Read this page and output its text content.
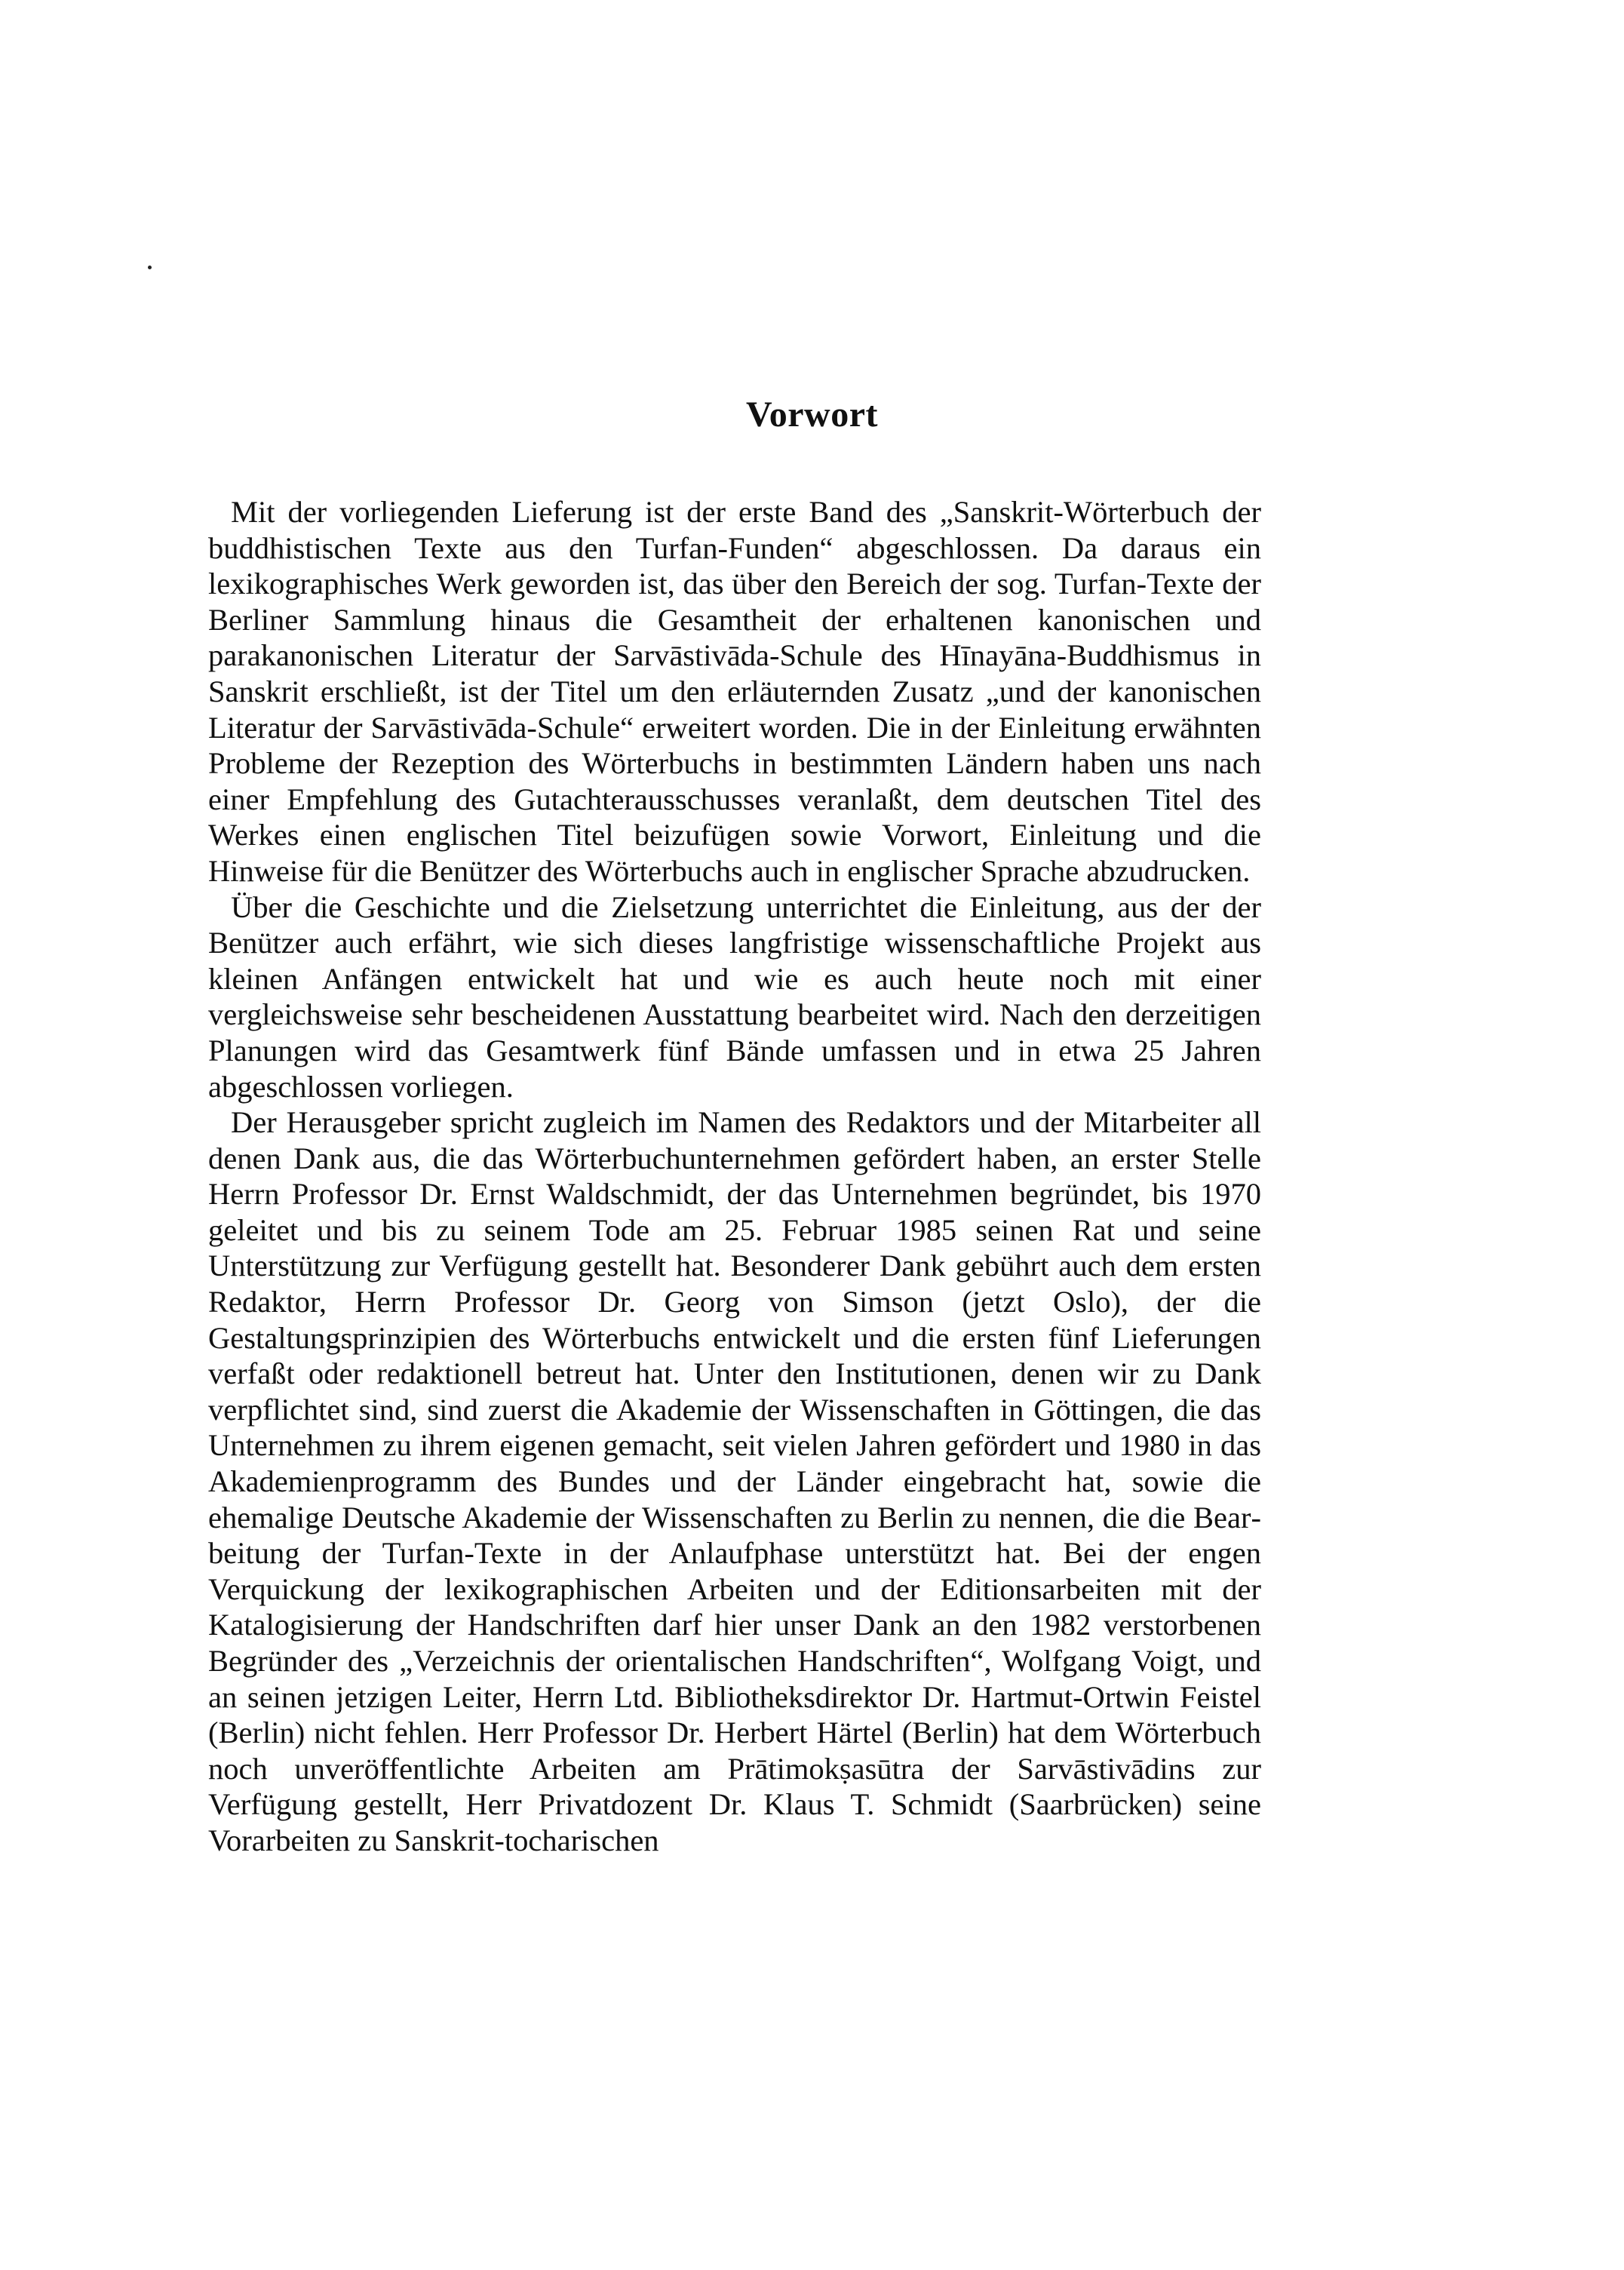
Vorwort

Mit der vorliegenden Lieferung ist der erste Band des „Sanskrit-Wörterbuch der buddhistischen Texte aus den Turfan-Funden“ abgeschlossen. Da daraus ein lexikographisches Werk geworden ist, das über den Bereich der sog. Turfan-Texte der Berliner Sammlung hinaus die Gesamtheit der erhaltenen kanonischen und parakanonischen Literatur der Sarvāstivāda-Schule des Hīnayāna-Buddhismus in Sanskrit erschließt, ist der Titel um den erläuternden Zusatz „und der kanonischen Literatur der Sarvāstivāda-Schule“ erweitert worden. Die in der Einleitung erwähnten Probleme der Rezeption des Wörterbuchs in bestimmten Ländern haben uns nach einer Empfehlung des Gutachterausschusses veranlaßt, dem deutschen Titel des Werkes einen englischen Titel beizufügen sowie Vorwort, Einleitung und die Hinweise für die Benützer des Wörterbuchs auch in englischer Sprache abzudrucken.

Über die Geschichte und die Zielsetzung unterrichtet die Einleitung, aus der der Benützer auch erfährt, wie sich dieses langfristige wissenschaftliche Projekt aus kleinen Anfängen entwickelt hat und wie es auch heute noch mit einer vergleichsweise sehr bescheidenen Ausstattung bearbeitet wird. Nach den derzeitigen Planungen wird das Gesamtwerk fünf Bände umfassen und in etwa 25 Jahren abgeschlossen vorliegen.

Der Herausgeber spricht zugleich im Namen des Redaktors und der Mitarbeiter all denen Dank aus, die das Wörterbuchunternehmen gefördert haben, an erster Stelle Herrn Professor Dr. Ernst Waldschmidt, der das Unternehmen begründet, bis 1970 geleitet und bis zu seinem Tode am 25. Februar 1985 seinen Rat und seine Unterstützung zur Verfügung gestellt hat. Besonderer Dank gebührt auch dem ersten Redaktor, Herrn Professor Dr. Georg von Simson (jetzt Oslo), der die Gestaltungsprinzipien des Wörterbuchs entwickelt und die ersten fünf Lieferungen verfaßt oder redaktionell betreut hat. Unter den Institutionen, denen wir zu Dank verpflichtet sind, sind zuerst die Akademie der Wissenschaften in Göttingen, die das Unternehmen zu ihrem eigenen gemacht, seit vielen Jahren gefördert und 1980 in das Akademienprogramm des Bundes und der Länder eingebracht hat, sowie die ehemalige Deutsche Akademie der Wissenschaften zu Berlin zu nennen, die die Bearbeitung der Turfan-Texte in der Anlaufphase unterstützt hat. Bei der engen Verquickung der lexikographischen Arbeiten und der Editionsarbeiten mit der Katalogisierung der Handschriften darf hier unser Dank an den 1982 verstorbenen Begründer des „Verzeichnis der orientalischen Handschriften“, Wolfgang Voigt, und an seinen jetzigen Leiter, Herrn Ltd. Bibliotheksdirektor Dr. Hartmut-Ortwin Feistel (Berlin) nicht fehlen. Herr Professor Dr. Herbert Härtel (Berlin) hat dem Wörterbuch noch unveröffentlichte Arbeiten am Prātimokṣasūtra der Sarvāstivādins zur Verfügung gestellt, Herr Privatdozent Dr. Klaus T. Schmidt (Saarbrücken) seine Vorarbeiten zu Sanskrit-tocharischen
